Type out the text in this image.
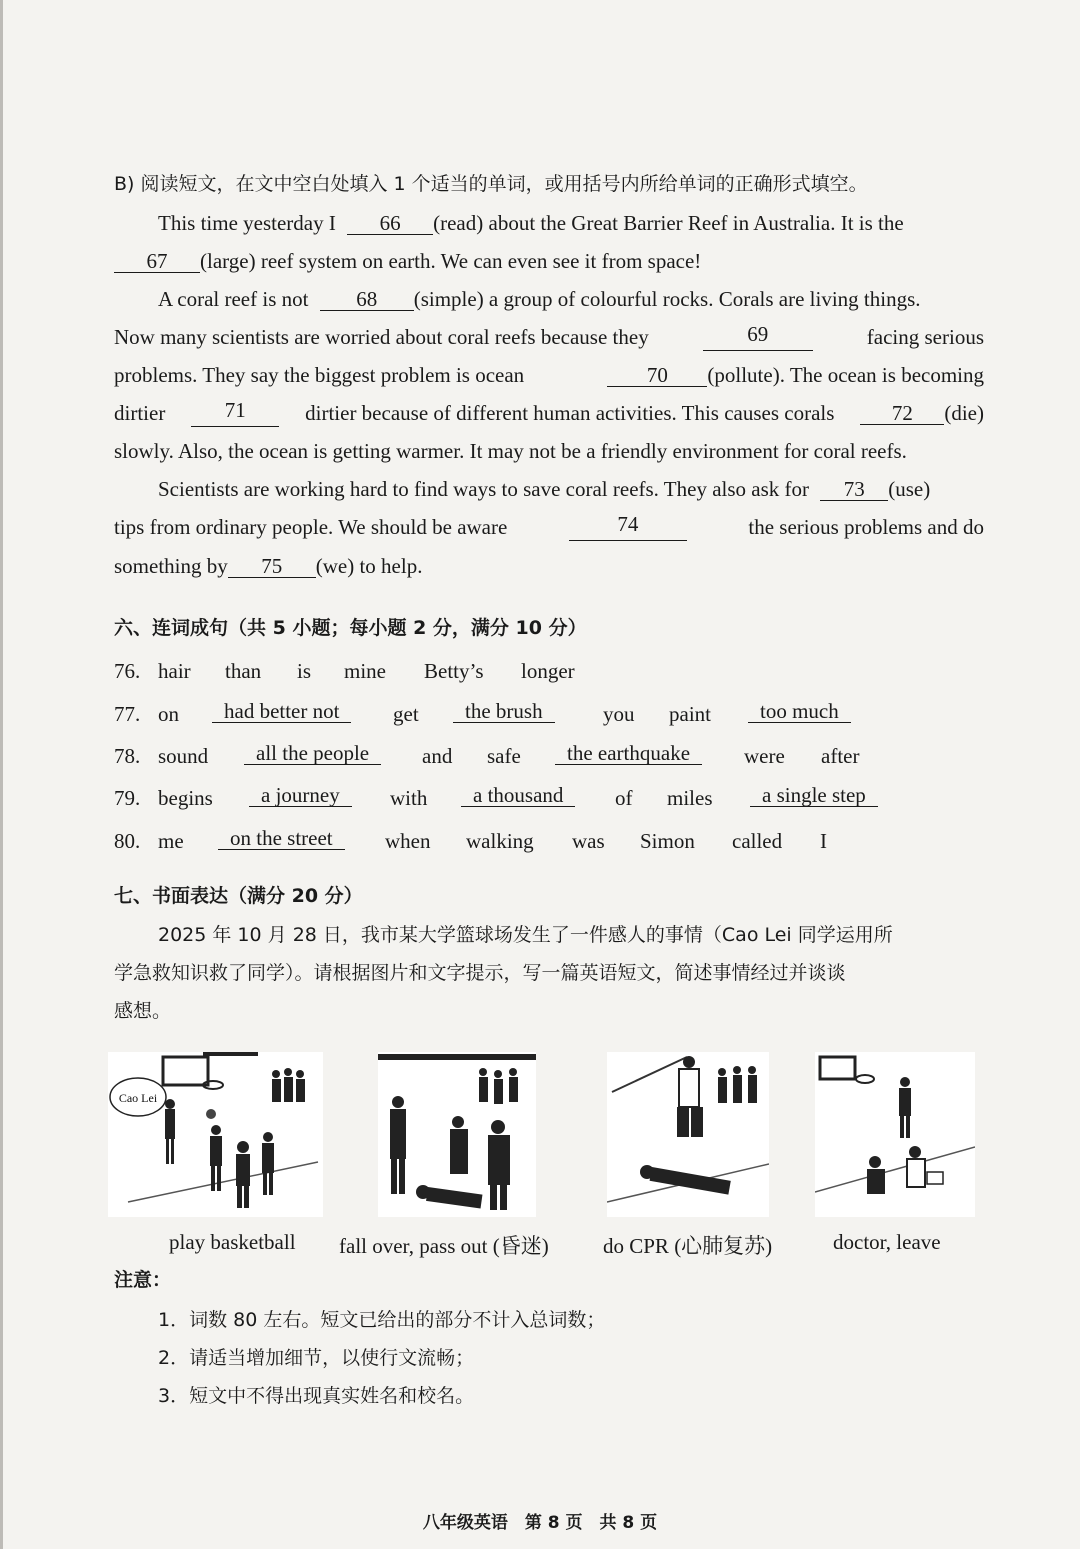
B) 阅读短文，在文中空白处填入 1 个适当的单词，或用括号内所给单词的正确形式填空。
This time yesterday I 66 (read) about the Great Barrier Reef in Australia. It is the
67 (large) reef system on earth. We can even see it from space!
A coral reef is not 68 (simple) a group of colourful rocks. Corals are living things.
Now many scientists are worried about coral reefs because they	69	facing serious
problems. They say the biggest problem is ocean	70 (pollute). The ocean is becoming
dirtier	71	dirtier because of different human activities. This causes corals	72 (die)
slowly. Also, the ocean is getting warmer. It may not be a friendly environment for coral reefs.
Scientists are working hard to find ways to save coral reefs. They also ask for 73 (use)
tips from ordinary people. We should be aware	74	the serious problems and do
something by 75 (we) to help.
六、连词成句（共 5 小题；每小题 2 分，满分 10 分）
76. hair than is mine Betty’s longer
77. on	had better not	get	the brush	you paint	too much
78. sound	all the people	and safe	the earthquake	were after
79. begins	a journey	with	a thousand	of miles	a single step
80. me	on the street	when walking was Simon called I
七、书面表达（满分 20 分）
2025 年 10 月 28 日，我市某大学篮球场发生了一件感人的事情（Cao Lei 同学运用所
学急救知识救了同学）。请根据图片和文字提示，写一篇英语短文，简述事情经过并谈谈
感想。
Cao Lei
play basketball fall over, pass out (昏迷)	do CPR (心肺复苏)	doctor, leave
注意：
1．词数 80 左右。短文已给出的部分不计入总词数；
2．请适当增加细节，以使行文流畅；
3．短文中不得出现真实姓名和校名。
八年级英语　第 8 页　共 8 页
